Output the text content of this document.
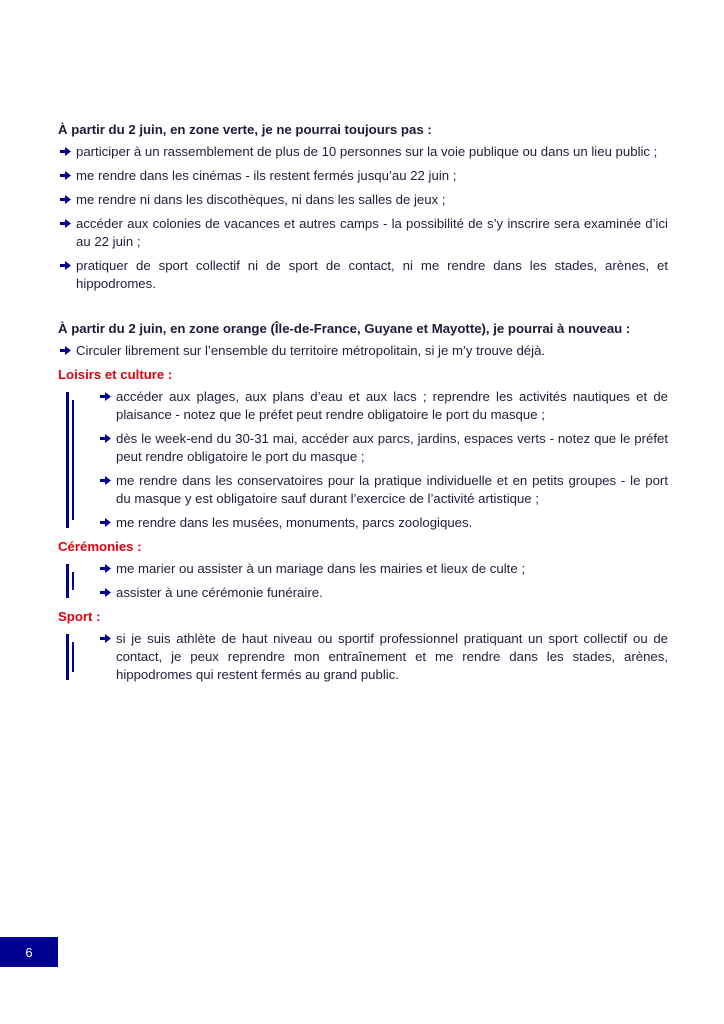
À partir du 2 juin, en zone verte, je ne pourrai toujours pas :
participer à un rassemblement de plus de 10 personnes sur la voie publique ou dans un lieu public ;
me rendre dans les cinémas - ils restent fermés jusqu’au 22 juin ;
me rendre ni dans les discothèques, ni dans les salles de jeux ;
accéder aux colonies de vacances et autres camps - la possibilité de s’y inscrire sera examinée d’ici au 22 juin ;
pratiquer de sport collectif ni de sport de contact, ni me rendre dans les stades, arènes, et hippodromes.
À partir du 2 juin, en zone orange (Île-de-France, Guyane et Mayotte), je pourrai à nouveau :
Circuler librement sur l’ensemble du territoire métropolitain, si je m’y trouve déjà.
Loisirs et culture :
accéder aux plages, aux plans d’eau et aux lacs ; reprendre les activités nautiques et de plaisance - notez que le préfet peut rendre obligatoire le port du masque ;
dès le week-end du 30-31 mai, accéder aux parcs, jardins, espaces verts - notez que le préfet peut rendre obligatoire le port du masque ;
me rendre dans les conservatoires pour la pratique individuelle et en petits groupes - le port du masque y est obligatoire sauf durant l’exercice de l’activité artistique ;
me rendre dans les musées, monuments, parcs zoologiques.
Cérémonies :
me marier ou assister à un mariage dans les mairies et lieux de culte ;
assister à une cérémonie funéraire.
Sport :
si je suis athlète de haut niveau ou sportif professionnel pratiquant un sport collectif ou de contact, je peux reprendre mon entraînement et me rendre dans les stades, arènes, hippodromes qui restent fermés au grand public.
6
